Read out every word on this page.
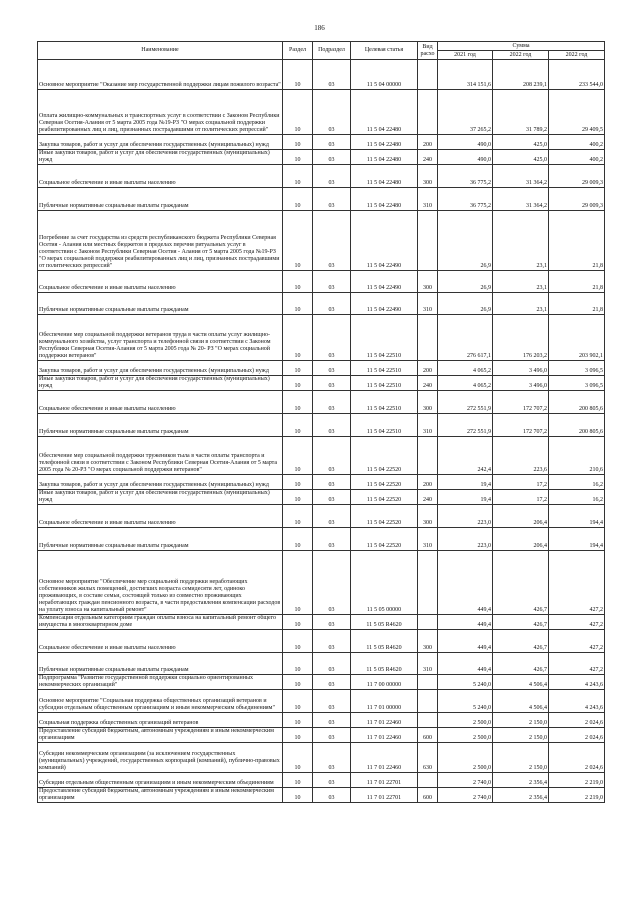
186
Наименование	Раздел	Подраздел	Целевая статья	Вид расхо	Сумма		
					2021 год	2022 год	2022 год
Основное мероприятие "Оказание мер государственной поддержки лицам пожилого возраста"	10	03	11 5 04 00000		314 151,6	208 239,1	233 544,0
Оплата жилищно-коммунальных и транспортных услуг в соответствии с Законом Республики Северная Осетия-Алания от 5 марта 2005 года №19-РЗ "О мерах социальной поддержки реабилитированных лиц и лиц, признанных пострадавшими от политических репрессий"	10	03	11 5 04 22480		37 265,2	31 789,2	29 409,5
Закупка товаров, работ и услуг для обеспечения государственных (муниципальных) нужд	10	03	11 5 04 22480	200	490,0	425,0	400,2
Иные закупки товаров, работ и услуг для обеспечения государственных (муниципальных) нужд	10	03	11 5 04 22480	240	490,0	425,0	400,2
Социальное обеспечение и иные выплаты населению	10	03	11 5 04 22480	300	36 775,2	31 364,2	29 009,3
Публичные нормативные социальные выплаты гражданам	10	03	11 5 04 22480	310	36 775,2	31 364,2	29 009,3
Погребение за счет государства из средств республиканского бюджета Республики Северная Осетия - Алания или местных бюджетов в пределах перечня ритуальных услуг в соответствии с Законом Республики Северная Осетия - Алания от 5 марта 2005 года №19-РЗ "О мерах социальной поддержки реабилитированных лиц и лиц, признанных пострадавшими от политических репрессий"	10	03	11 5 04 22490		26,9	23,1	21,8
Социальное обеспечение и иные выплаты населению	10	03	11 5 04 22490	300	26,9	23,1	21,8
Публичные нормативные социальные выплаты гражданам	10	03	11 5 04 22490	310	26,9	23,1	21,8
Обеспечение мер социальной поддержки ветеранов труда в части оплаты услуг жилищно-коммунального хозяйства, услуг транспорта и телефонной связи в соответствии с Законом Республики Северная Осетия-Алания от 5 марта 2005 года № 20- РЗ "О мерах социальной поддержки ветеранов"	10	03	11 5 04 22510		276 617,1	176 203,2	203 902,1
Закупка товаров, работ и услуг для обеспечения государственных (муниципальных) нужд	10	03	11 5 04 22510	200	4 065,2	3 496,0	3 096,5
Иные закупки товаров, работ и услуг для обеспечения государственных (муниципальных) нужд	10	03	11 5 04 22510	240	4 065,2	3 496,0	3 096,5
Социальное обеспечение и иные выплаты населению	10	03	11 5 04 22510	300	272 551,9	172 707,2	200 805,6
Публичные нормативные социальные выплаты гражданам	10	03	11 5 04 22510	310	272 551,9	172 707,2	200 805,6
Обеспечение мер социальной поддержки тружеников тыла в части оплаты транспорта и телефонной связи в соответствии с Законом Республики Северная Осетия-Алания от 5 марта 2005 года № 20-РЗ "О мерах социальной поддержки ветеранов"	10	03	11 5 04 22520		242,4	223,6	210,6
Закупка товаров, работ и услуг для обеспечения государственных (муниципальных) нужд	10	03	11 5 04 22520	200	19,4	17,2	16,2
Иные закупки товаров, работ и услуг для обеспечения государственных (муниципальных) нужд	10	03	11 5 04 22520	240	19,4	17,2	16,2
Социальное обеспечение и иные выплаты населению	10	03	11 5 04 22520	300	223,0	206,4	194,4
Публичные нормативные социальные выплаты гражданам	10	03	11 5 04 22520	310	223,0	206,4	194,4
Основное мероприятие "Обеспечение мер социальной поддержки неработающих собственников жилых помещений, достигших возраста семидесяти лет, одиноко проживающих, в составе семьи, состоящей только из совместно проживающих неработающих граждан пенсионного возраста, в части предоставления компенсации расходов на уплату взноса на капитальный ремонт"	10	03	11 5 05 00000		449,4	426,7	427,2
Компенсация отдельным категориям граждан оплаты взноса на капитальный ремонт общего имущества в многоквартирном доме	10	03	11 5 05 R4620		449,4	426,7	427,2
Социальное обеспечение и иные выплаты населению	10	03	11 5 05 R4620	300	449,4	426,7	427,2
Публичные нормативные социальные выплаты гражданам	10	03	11 5 05 R4620	310	449,4	426,7	427,2
Подпрограмма "Развитие государственной поддержки социально ориентированных некоммерческих организаций"	10	03	11 7 00 00000		5 240,0	4 506,4	4 243,6
Основное мероприятие "Социальная поддержка общественных организаций ветеранов и субсидии отдельным общественным организациям и иным некоммерческим объединениям"	10	03	11 7 01 00000		5 240,0	4 506,4	4 243,6
Социальная поддержка общественных организаций ветеранов	10	03	11 7 01 22460		2 500,0	2 150,0	2 024,6
Предоставление субсидий бюджетным, автономным учреждениям и иным некоммерческим организациям	10	03	11 7 01 22460	600	2 500,0	2 150,0	2 024,6
Субсидии некоммерческим организациям (за исключением государственных (муниципальных) учреждений, государственных корпораций (компаний), публично-правовых компаний)	10	03	11 7 01 22460	630	2 500,0	2 150,0	2 024,6
Субсидии отдельным общественным организациям и иным некоммерческим объединениям	10	03	11 7 01 22701		2 740,0	2 356,4	2 219,0
Предоставление субсидий бюджетным, автономным учреждениям и иным некоммерческим организациям	10	03	11 7 01 22701	600	2 740,0	2 356,4	2 219,0
